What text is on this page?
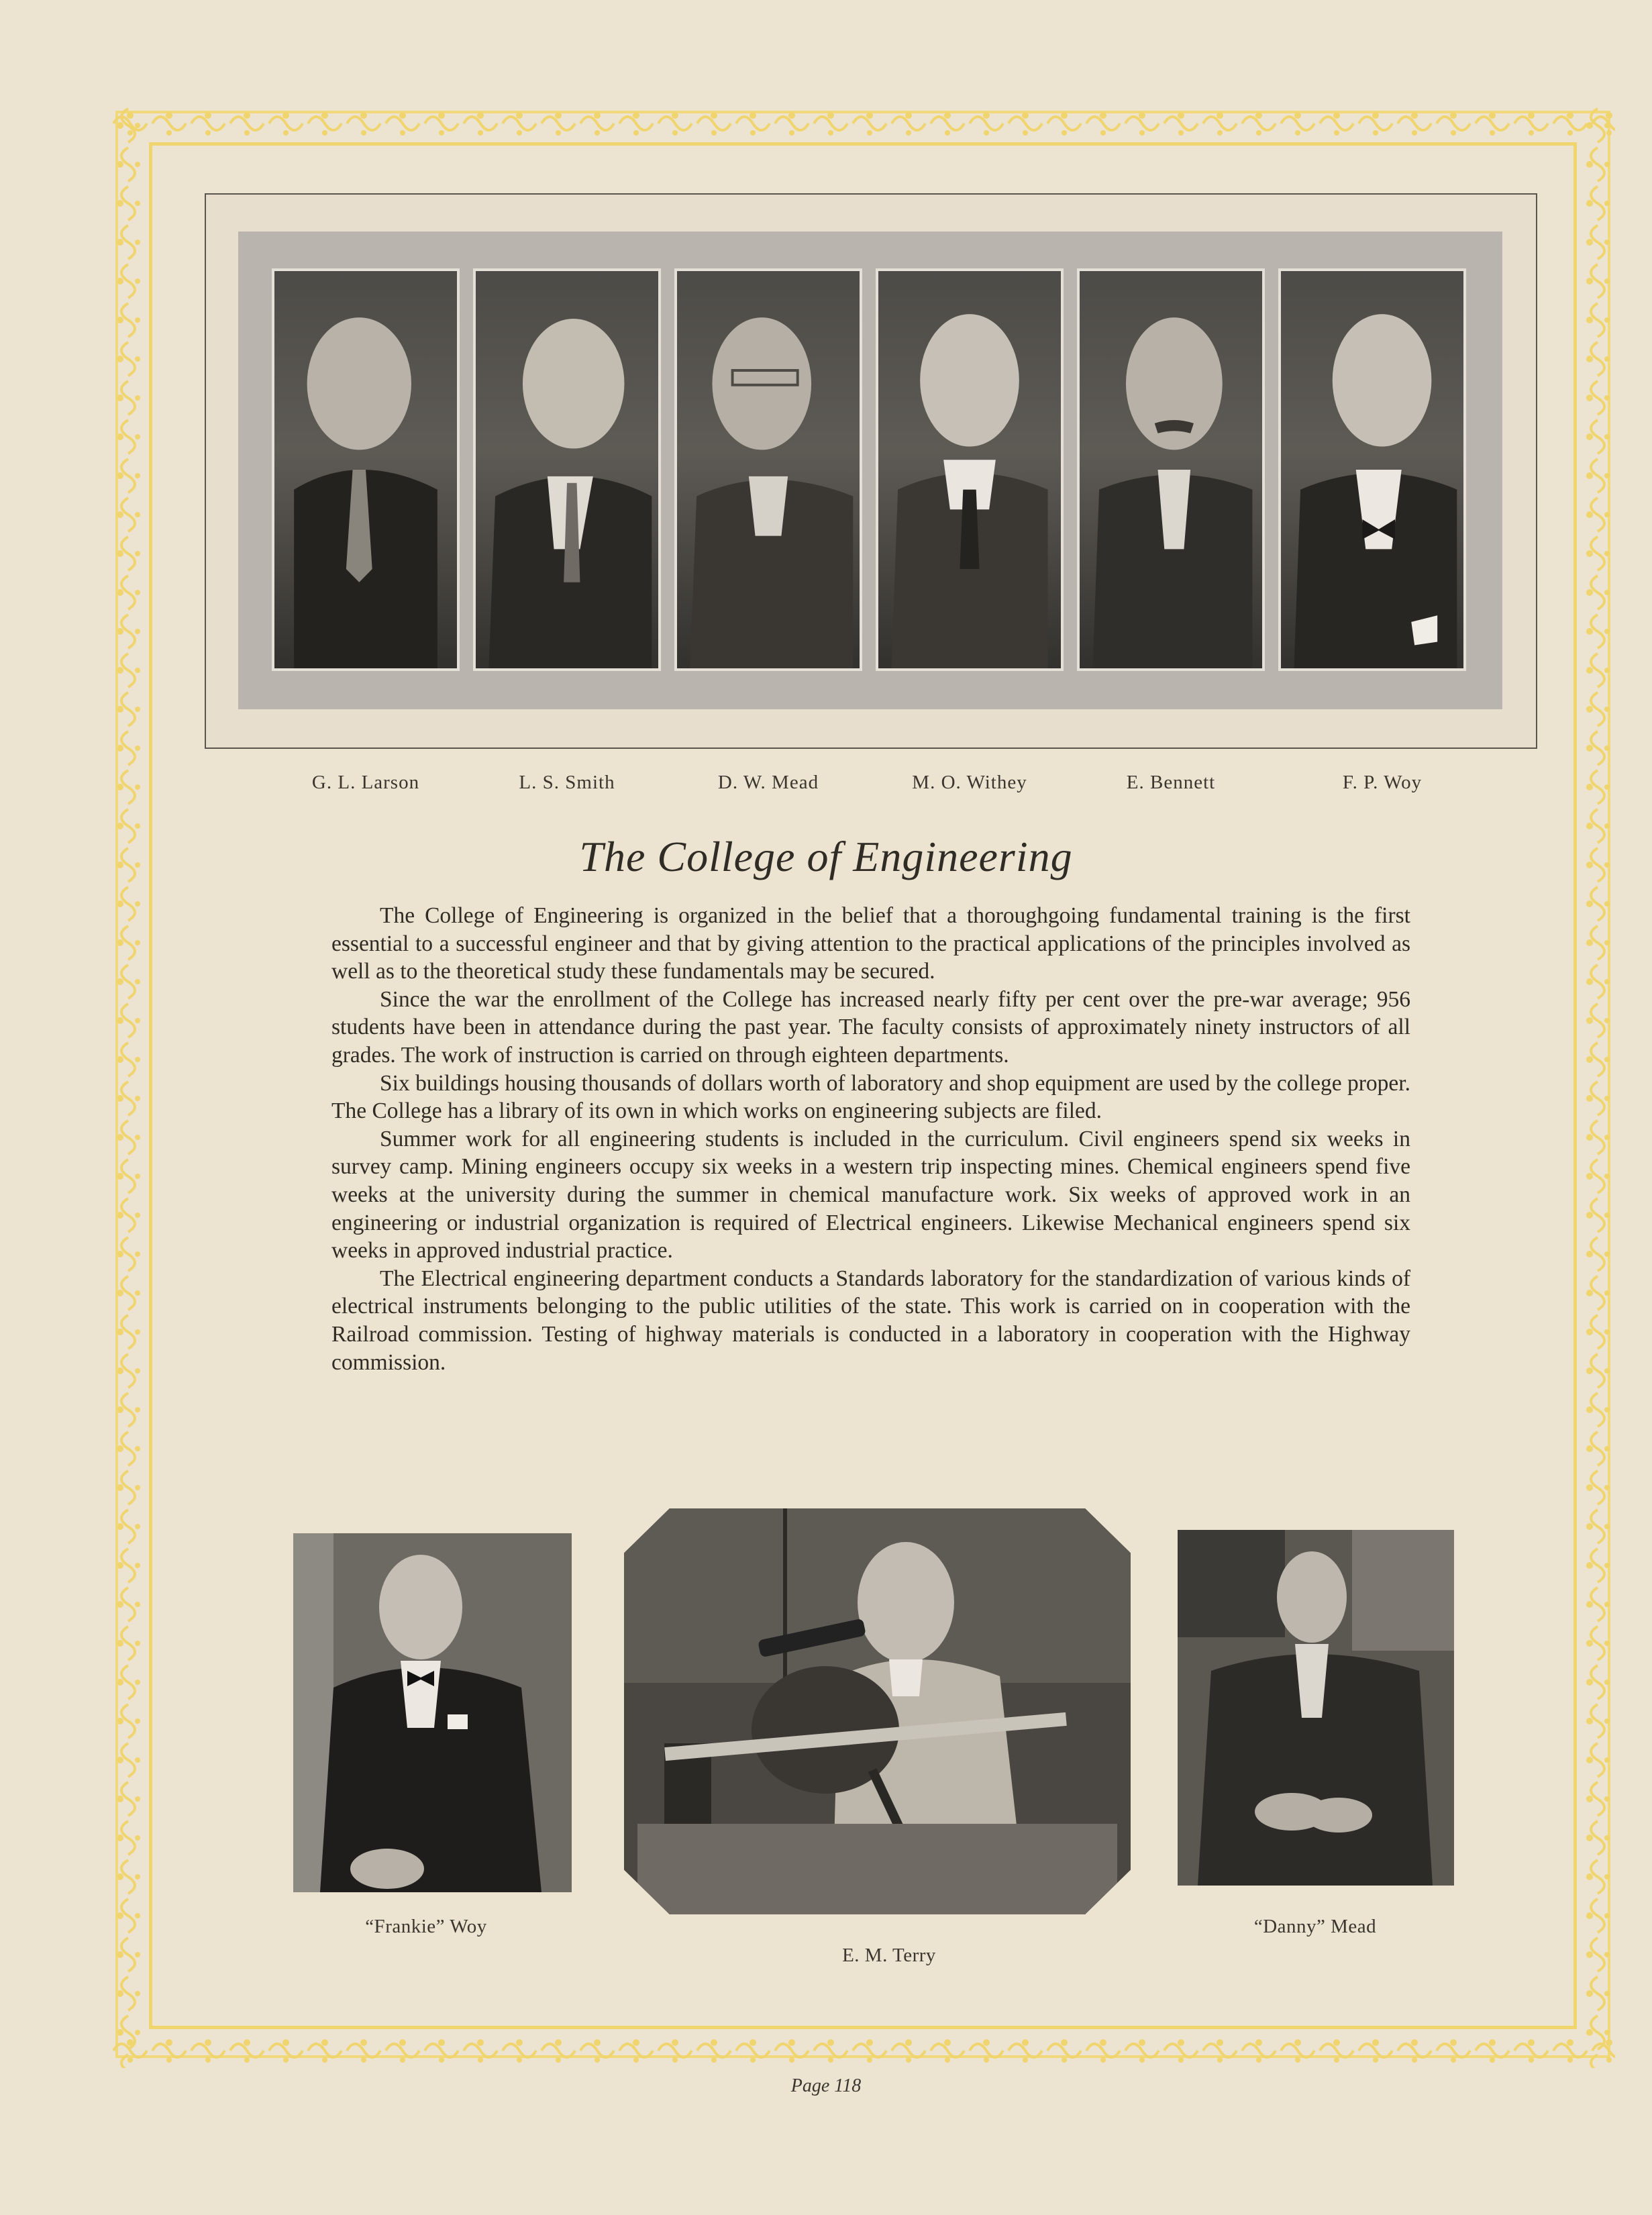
G. L. Larson	L. S. Smith	D. W. Mead	M. O. Withey	E. Bennett	F. P. Woy
The College of Engineering

The College of Engineering is organized in the belief that a thoroughgoing fundamental training is the first essential to a successful engineer and that by giving attention to the practical applications of the principles involved as well as to the theoretical study these fundamentals may be secured.

Since the war the enrollment of the College has increased nearly fifty per cent over the pre-war average; 956 students have been in attendance during the past year. The faculty consists of approximately ninety instructors of all grades. The work of instruction is carried on through eighteen departments.

Six buildings housing thousands of dollars worth of laboratory and shop equipment are used by the college proper. The College has a library of its own in which works on engineering subjects are filed.

Summer work for all engineering students is included in the curriculum. Civil engineers spend six weeks in survey camp. Mining engineers occupy six weeks in a western trip inspecting mines. Chemical engineers spend five weeks at the university during the summer in chemical manufacture work. Six weeks of approved work in an engineering or industrial organization is required of Electrical engineers. Likewise Mechanical engineers spend six weeks in approved industrial practice.

The Electrical engineering department conducts a Standards laboratory for the standardization of various kinds of electrical instruments belonging to the public utilities of the state. This work is carried on in cooperation with the Railroad commission. Testing of highway materials is conducted in a laboratory in cooperation with the Highway commission.

“Frankie” Woy
E. M. Terry
“Danny” Mead
Page 118
